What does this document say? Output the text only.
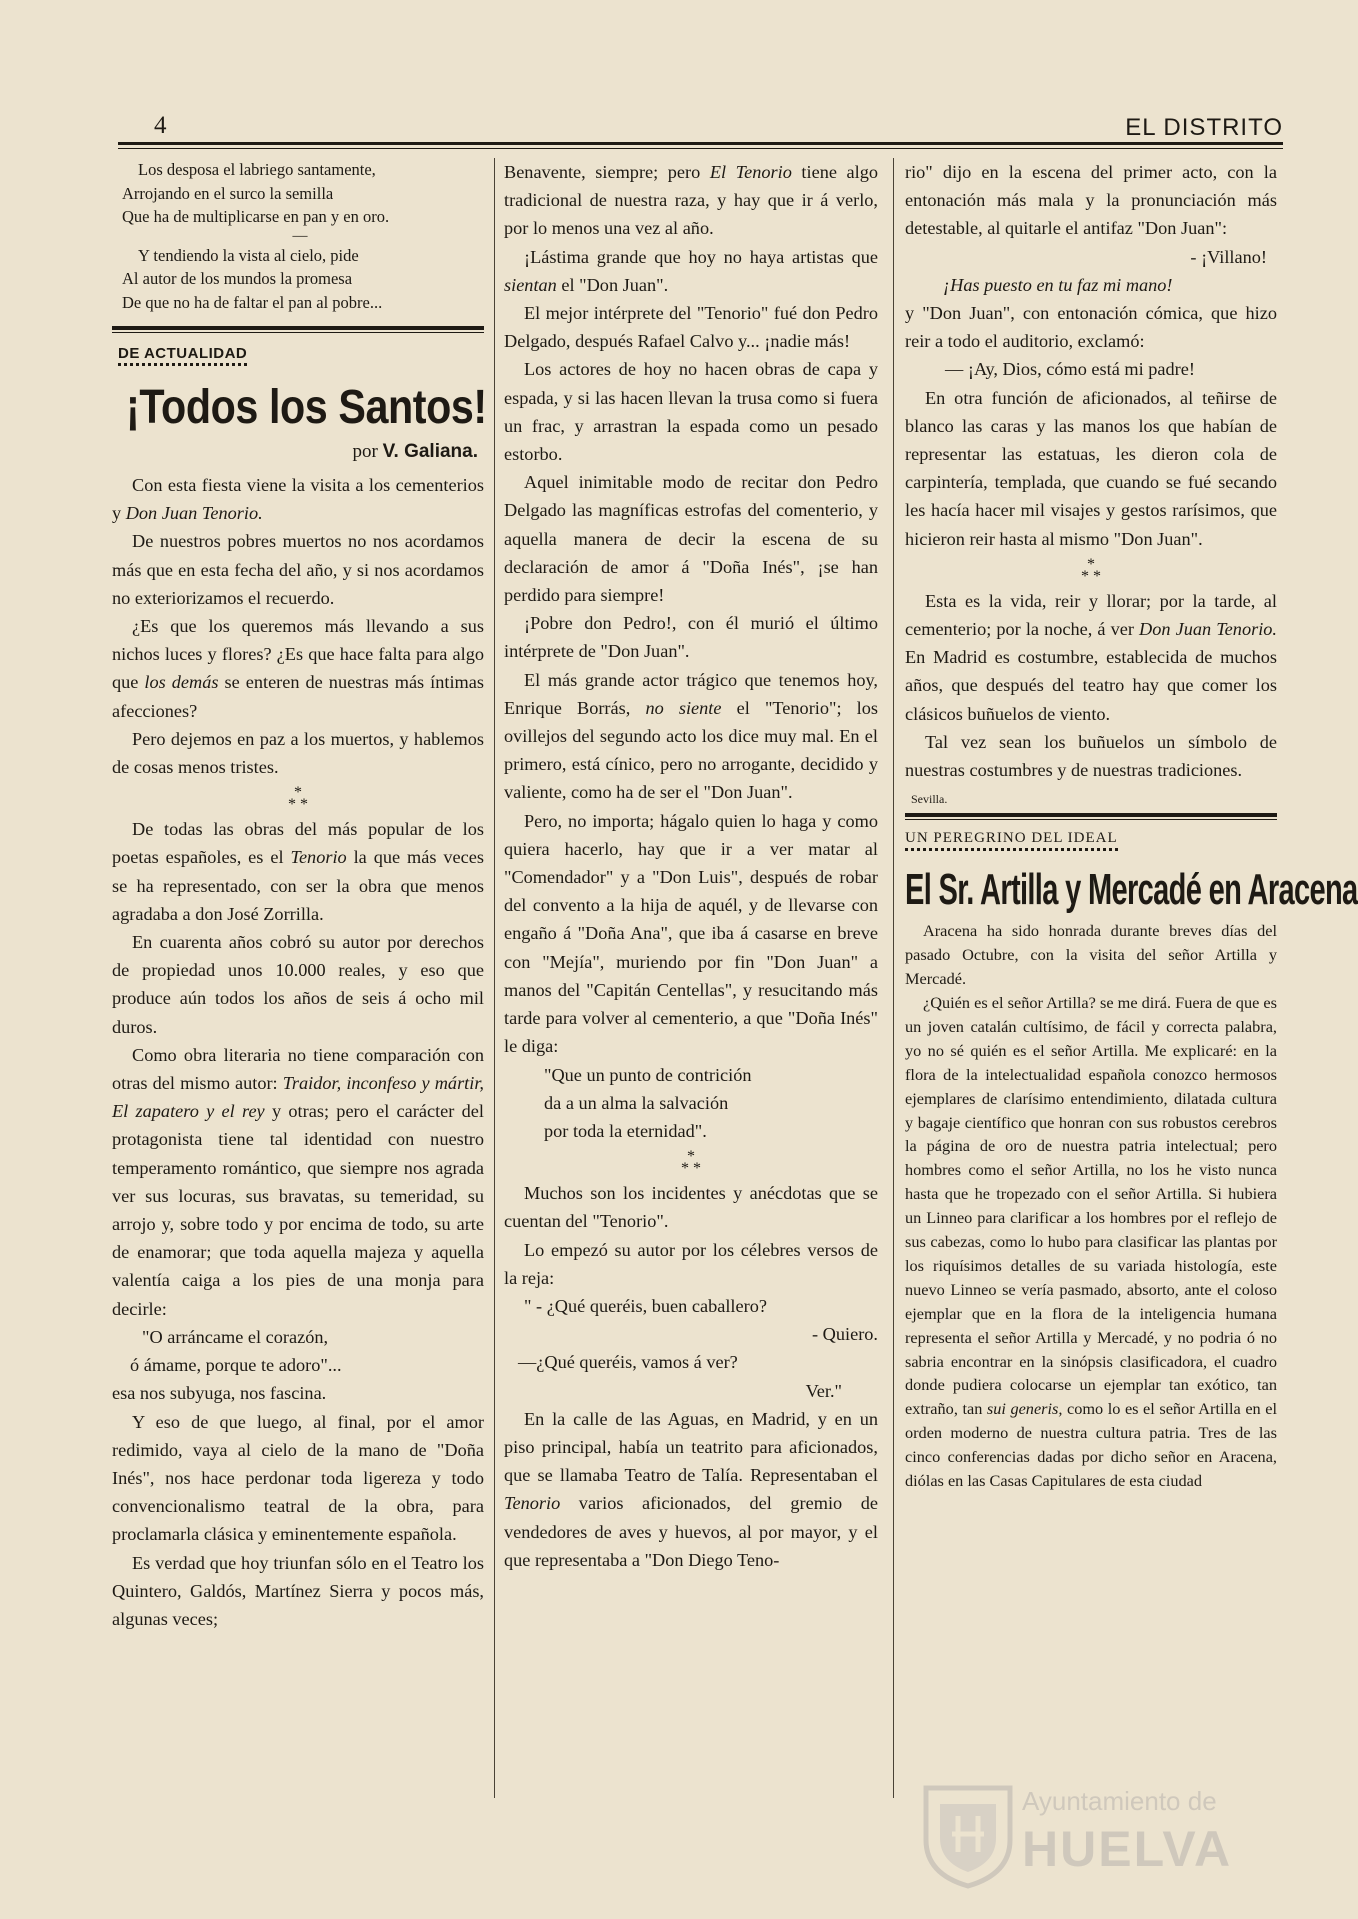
4	EL DISTRITO

Los desposa el labriego santamente,

Arrojando en el surco la semilla

Que ha de multiplicarse en pan y en oro.

—

Y tendiendo la vista al cielo, pide

Al autor de los mundos la promesa

De que no ha de faltar el pan al pobre...

DE ACTUALIDAD
¡Todos los Santos!

por V. Galiana.

Con esta fiesta viene la visita a los cementerios y Don Juan Tenorio.

De nuestros pobres muertos no nos acordamos más que en esta fecha del año, y si nos acordamos no exteriorizamos el recuerdo.

¿Es que los queremos más llevando a sus nichos luces y flores? ¿Es que hace falta para algo que los demás se enteren de nuestras más íntimas afecciones?

Pero dejemos en paz a los muertos, y hablemos de cosas menos tristes.

*
* *

De todas las obras del más popular de los poetas españoles, es el Tenorio la que más veces se ha representado, con ser la obra que menos agradaba a don José Zorrilla.

En cuarenta años cobró su autor por derechos de propiedad unos 10.000 reales, y eso que produce aún todos los años de seis á ocho mil duros.

Como obra literaria no tiene comparación con otras del mismo autor: Traidor, inconfeso y mártir, El zapatero y el rey y otras; pero el carácter del protagonista tiene tal identidad con nuestro temperamento romántico, que siempre nos agrada ver sus locuras, sus bravatas, su temeridad, su arrojo y, sobre todo y por encima de todo, su arte de enamorar; que toda aquella majeza y aquella valentía caiga a los pies de una monja para decirle:

"O arráncame el corazón,

ó ámame, porque te adoro"...

esa nos subyuga, nos fascina.

Y eso de que luego, al final, por el amor redimido, vaya al cielo de la mano de "Doña Inés", nos hace perdonar toda ligereza y todo convencionalismo teatral de la obra, para proclamarla clásica y eminentemente española.

Es verdad que hoy triunfan sólo en el Teatro los Quintero, Galdós, Martínez Sierra y pocos más, algunas veces;

Benavente, siempre; pero El Tenorio tiene algo tradicional de nuestra raza, y hay que ir á verlo, por lo menos una vez al año.

¡Lástima grande que hoy no haya artistas que sientan el "Don Juan".

El mejor intérprete del "Tenorio" fué don Pedro Delgado, después Rafael Calvo y... ¡nadie más!

Los actores de hoy no hacen obras de capa y espada, y si las hacen llevan la trusa como si fuera un frac, y arrastran la espada como un pesado estorbo.

Aquel inimitable modo de recitar don Pedro Delgado las magníficas estrofas del comenterio, y aquella manera de decir la escena de su declaración de amor á "Doña Inés", ¡se han perdido para siempre!

¡Pobre don Pedro!, con él murió el último intérprete de "Don Juan".

El más grande actor trágico que tenemos hoy, Enrique Borrás, no siente el "Tenorio"; los ovillejos del segundo acto los dice muy mal. En el primero, está cínico, pero no arrogante, decidido y valiente, como ha de ser el "Don Juan".

Pero, no importa; hágalo quien lo haga y como quiera hacerlo, hay que ir a ver matar al "Comendador" y a "Don Luis", después de robar del convento a la hija de aquél, y de llevarse con engaño á "Doña Ana", que iba á casarse en breve con "Mejía", muriendo por fin "Don Juan" a manos del "Capitán Centellas", y resucitando más tarde para volver al cementerio, a que "Doña Inés" le diga:

"Que un punto de contrición

da a un alma la salvación

por toda la eternidad".

*
* *

Muchos son los incidentes y anécdotas que se cuentan del "Tenorio".

Lo empezó su autor por los célebres versos de la reja:

" - ¿Qué queréis, buen caballero?

- Quiero.

—¿Qué queréis, vamos á ver?

Ver."

En la calle de las Aguas, en Madrid, y en un piso principal, había un teatrito para aficionados, que se llamaba Teatro de Talía. Representaban el Tenorio varios aficionados, del gremio de vendedores de aves y huevos, al por mayor, y el que representaba a "Don Diego Teno-

rio" dijo en la escena del primer acto, con la entonación más mala y la pronunciación más detestable, al quitarle el antifaz "Don Juan":

- ¡Villano!

¡Has puesto en tu faz mi mano!

y "Don Juan", con entonación cómica, que hizo reir a todo el auditorio, exclamó:

— ¡Ay, Dios, cómo está mi padre!

En otra función de aficionados, al teñirse de blanco las caras y las manos los que habían de representar las estatuas, les dieron cola de carpintería, templada, que cuando se fué secando les hacía hacer mil visajes y gestos rarísimos, que hicieron reir hasta al mismo "Don Juan".

*
* *

Esta es la vida, reir y llorar; por la tarde, al cementerio; por la noche, á ver Don Juan Tenorio. En Madrid es costumbre, establecida de muchos años, que después del teatro hay que comer los clásicos buñuelos de viento.

Tal vez sean los buñuelos un símbolo de nuestras costumbres y de nuestras tradiciones.

Sevilla.

UN PEREGRINO DEL IDEAL
El Sr. Artilla y Mercadé en Aracena

Aracena ha sido honrada durante breves días del pasado Octubre, con la visita del señor Artilla y Mercadé.

¿Quién es el señor Artilla? se me dirá. Fuera de que es un joven catalán cultísimo, de fácil y correcta palabra, yo no sé quién es el señor Artilla. Me explicaré: en la flora de la intelectualidad española conozco hermosos ejemplares de clarísimo entendimiento, dilatada cultura y bagaje científico que honran con sus robustos cerebros la página de oro de nuestra patria intelectual; pero hombres como el señor Artilla, no los he visto nunca hasta que he tropezado con el señor Artilla. Si hubiera un Linneo para clarificar a los hombres por el reflejo de sus cabezas, como lo hubo para clasificar las plantas por los riquísimos detalles de su variada histología, este nuevo Linneo se vería pasmado, absorto, ante el coloso ejemplar que en la flora de la inteligencia humana representa el señor Artilla y Mercadé, y no podria ó no sabria encontrar en la sinópsis clasificadora, el cuadro donde pudiera colocarse un ejemplar tan exótico, tan extraño, tan sui generis, como lo es el señor Artilla en el orden moderno de nuestra cultura patria. Tres de las cinco conferencias dadas por dicho señor en Aracena, diólas en las Casas Capitulares de esta ciudad

Ayuntamiento de
HUELVA
